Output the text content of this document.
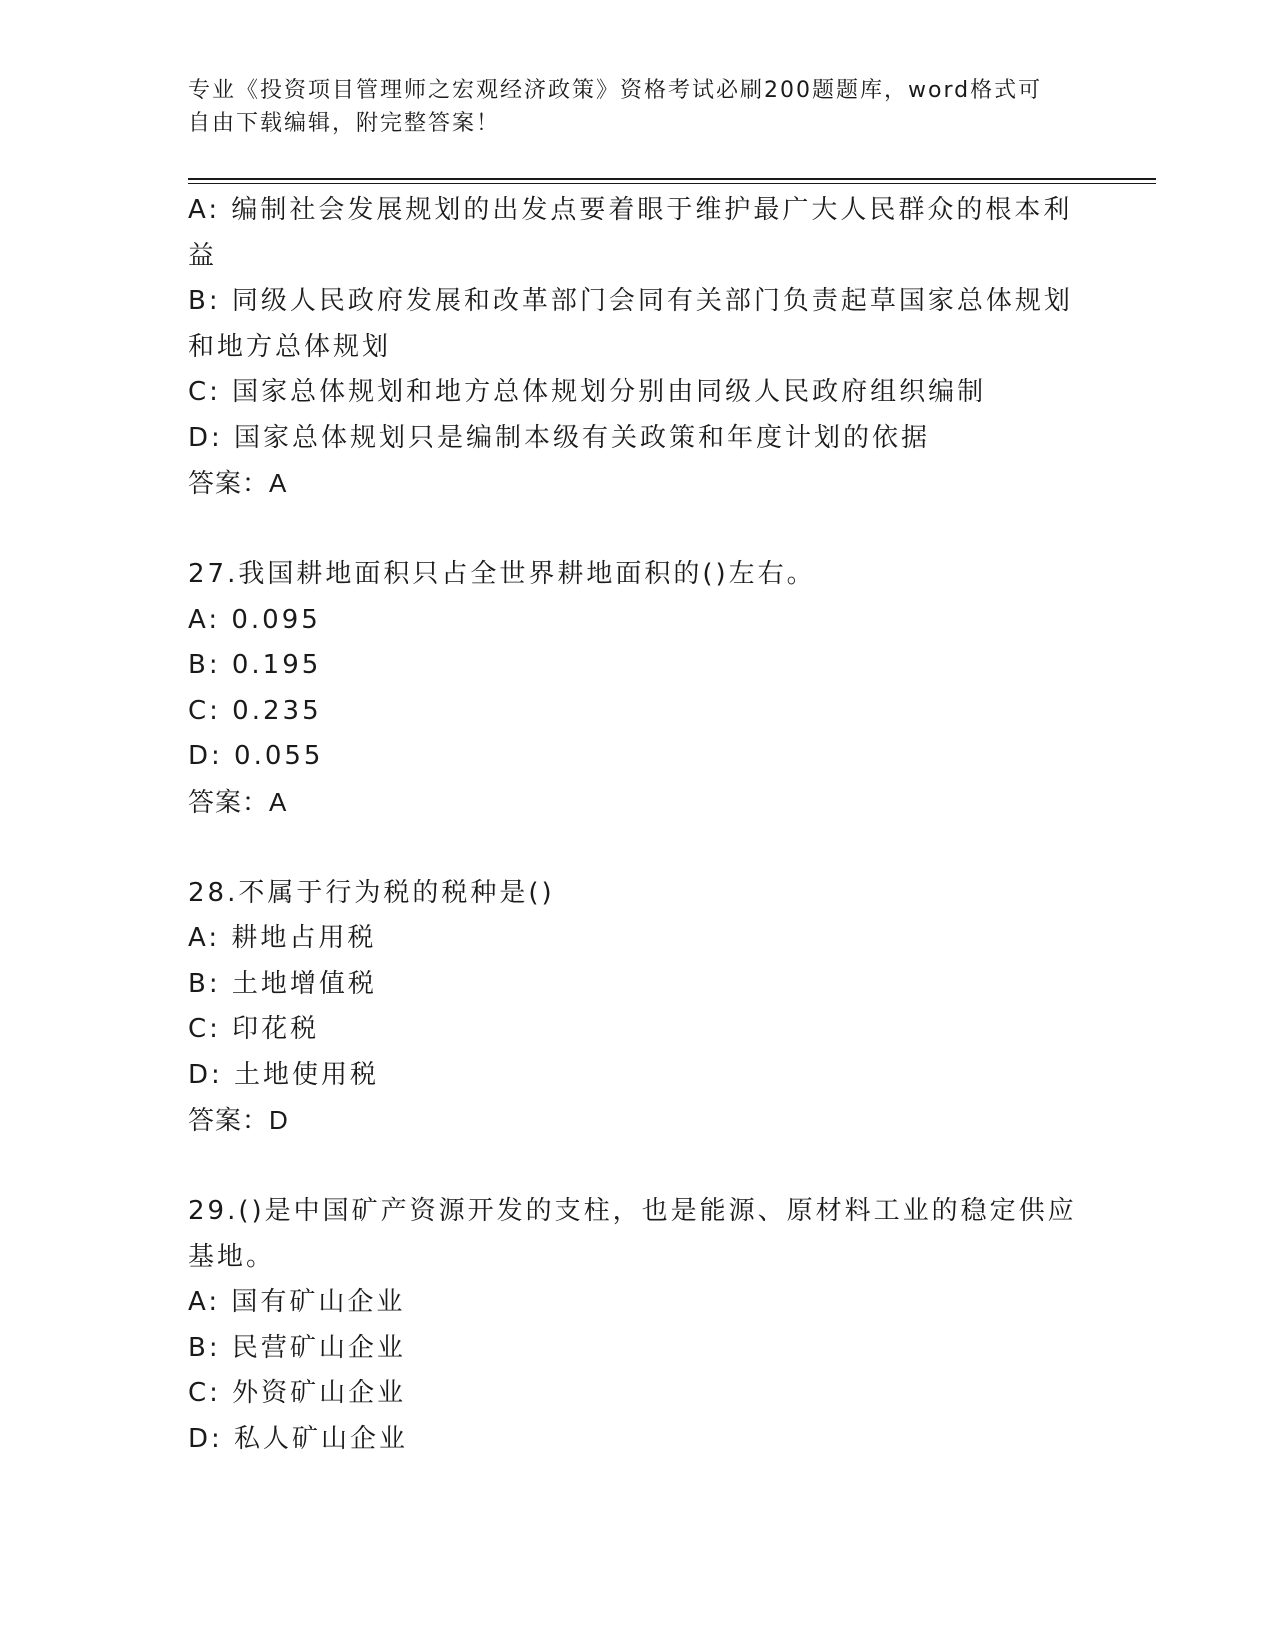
专业《投资项目管理师之宏观经济政策》资格考试必刷200题题库，word格式可
自由下载编辑，附完整答案！
A: 编制社会发展规划的出发点要着眼于维护最广大人民群众的根本利
益
B: 同级人民政府发展和改革部门会同有关部门负责起草国家总体规划
和地方总体规划
C: 国家总体规划和地方总体规划分别由同级人民政府组织编制
D: 国家总体规划只是编制本级有关政策和年度计划的依据
答案：A
27.我国耕地面积只占全世界耕地面积的()左右。
A: 0.095
B: 0.195
C: 0.235
D: 0.055
答案：A
28.不属于行为税的税种是()
A: 耕地占用税
B: 土地增值税
C: 印花税
D: 土地使用税
答案：D
29.()是中国矿产资源开发的支柱，也是能源、原材料工业的稳定供应
基地。
A: 国有矿山企业
B: 民营矿山企业
C: 外资矿山企业
D: 私人矿山企业
